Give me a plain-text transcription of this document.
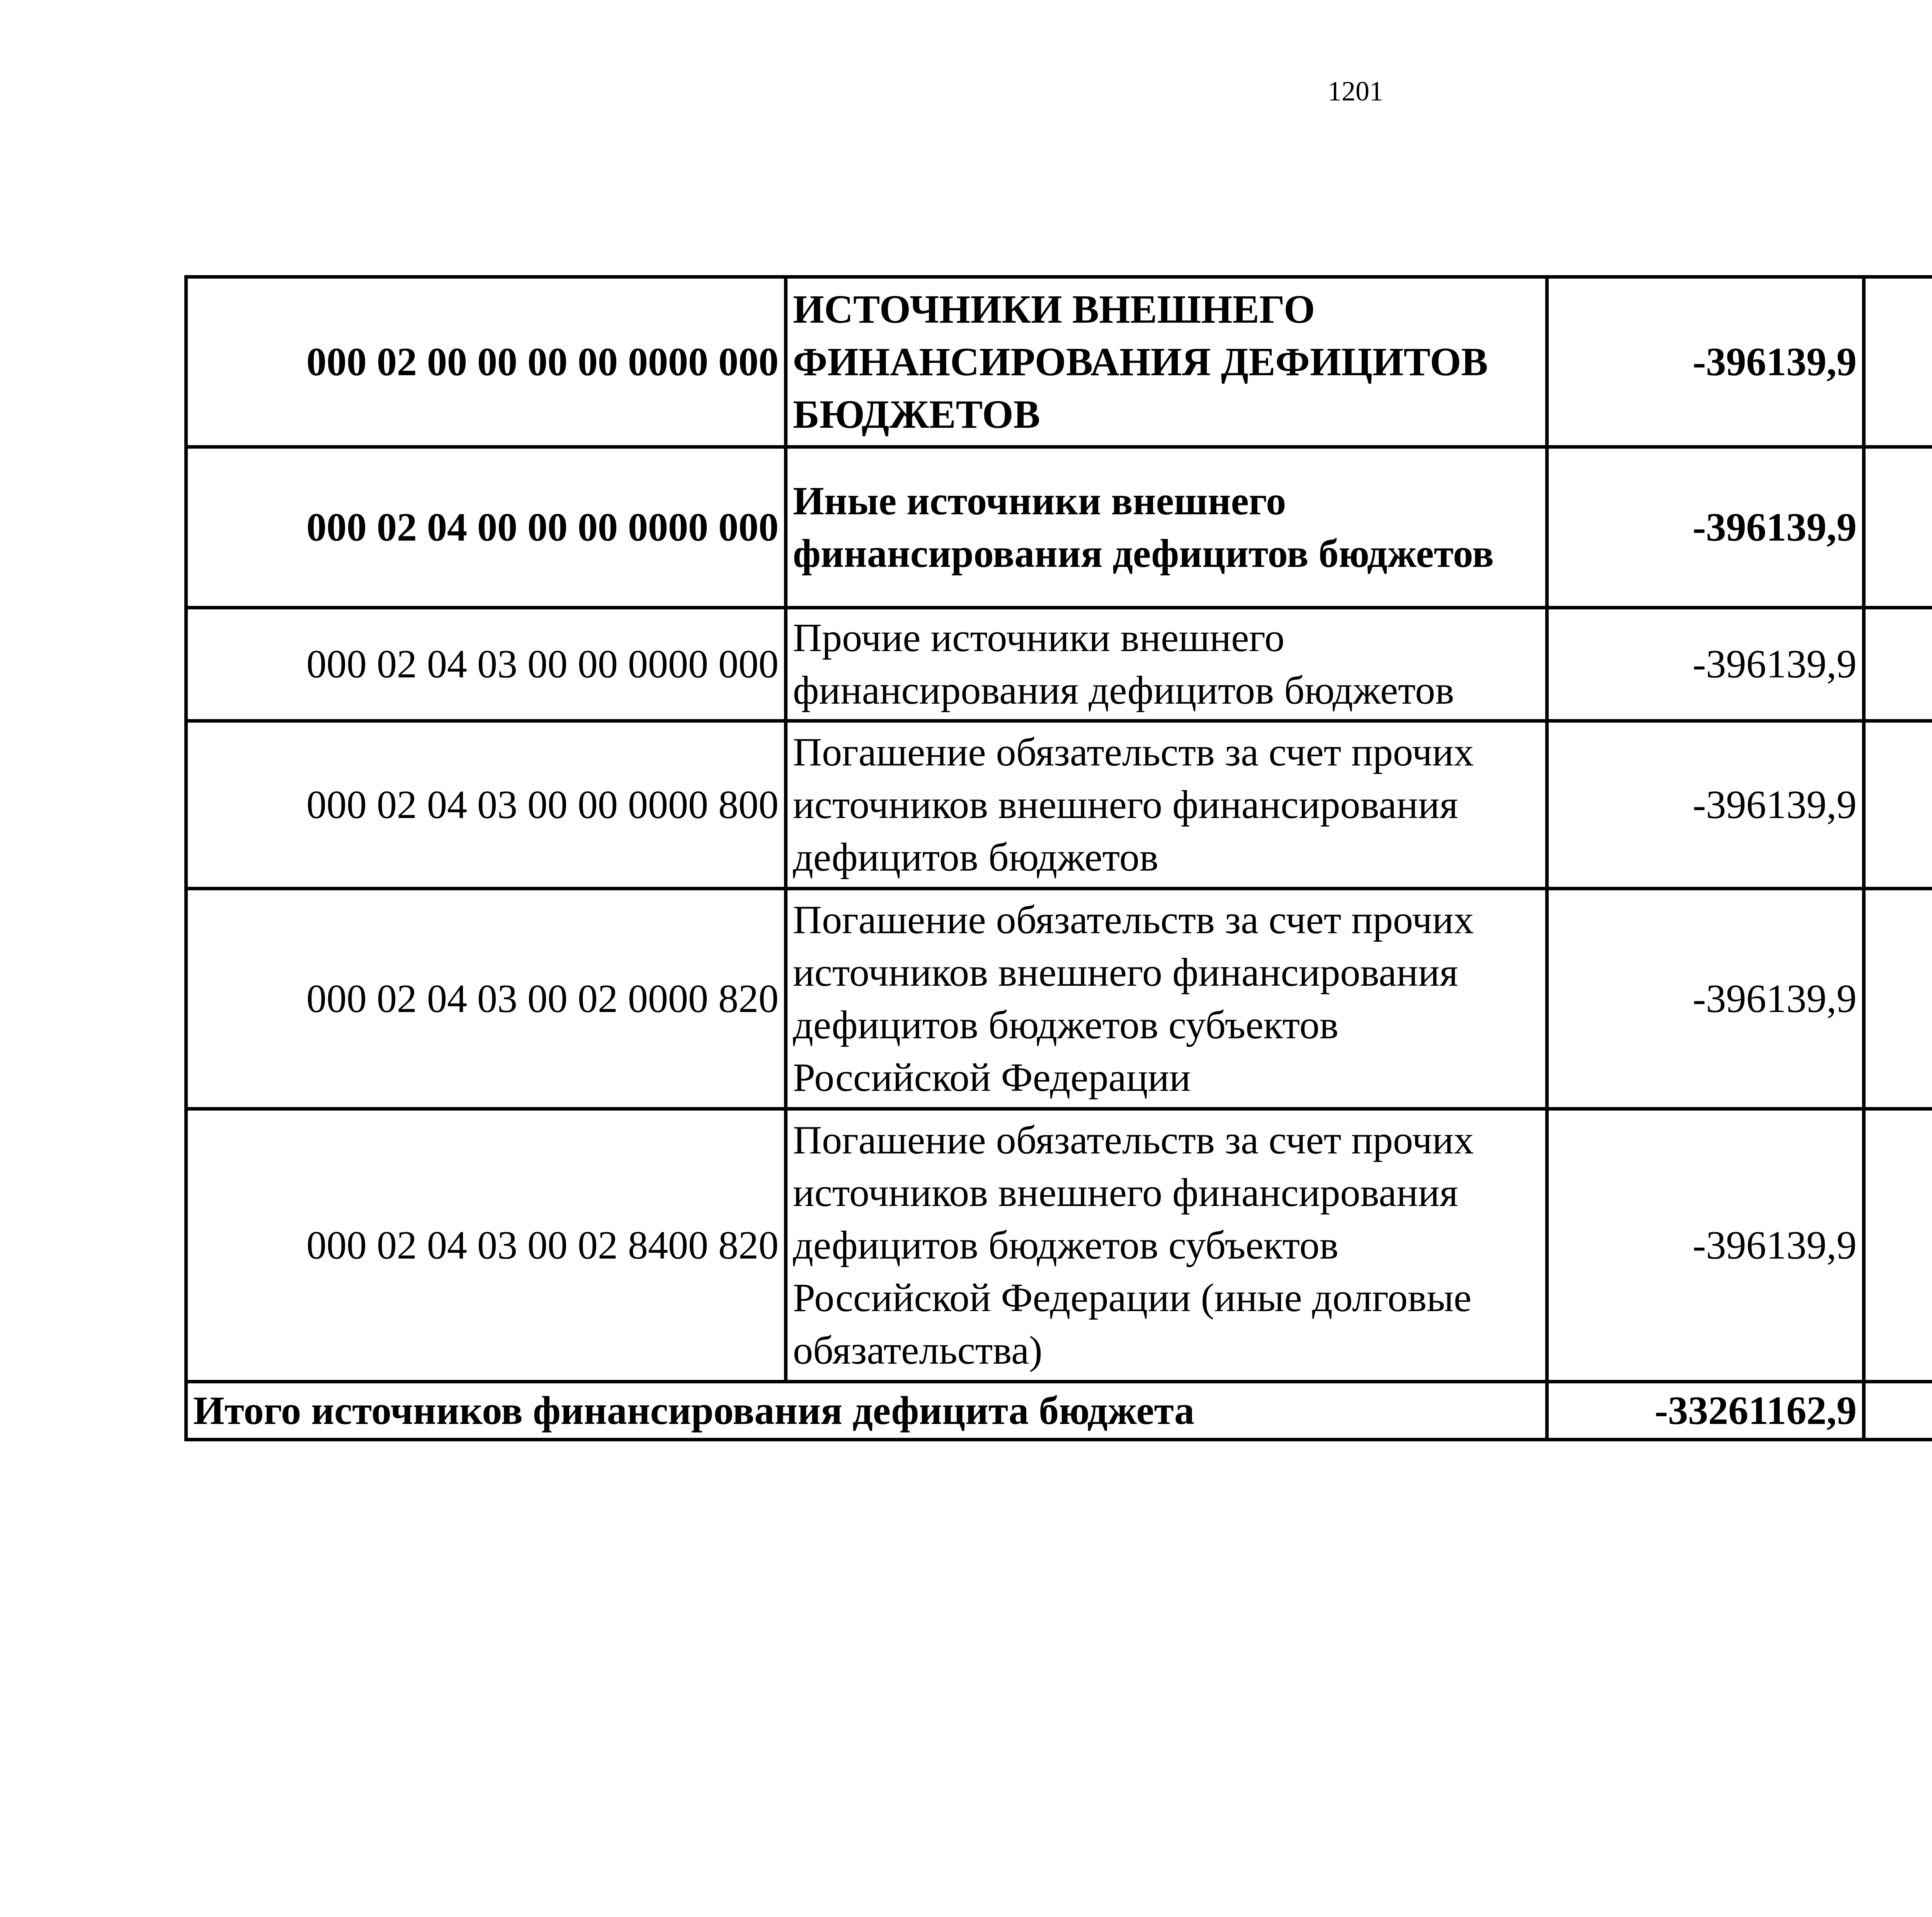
1201
000 02 00 00 00 00 0000 000	ИСТОЧНИКИ ВНЕШНЕГО ФИНАНСИРОВАНИЯ ДЕФИЦИТОВ БЮДЖЕТОВ	-396139,9		
000 02 04 00 00 00 0000 000	Иные источники внешнего финансирования дефицитов бюджетов	-396139,9		
000 02 04 03 00 00 0000 000	Прочие источники внешнего финансирования дефицитов бюджетов	-396139,9		
000 02 04 03 00 00 0000 800	Погашение обязательств за счет прочих источников внешнего финансирования дефицитов бюджетов	-396139,9		
000 02 04 03 00 02 0000 820	Погашение обязательств за счет прочих источников внешнего финансирования дефицитов бюджетов субъектов Российской Федерации	-396139,9		
000 02 04 03 00 02 8400 820	Погашение обязательств за счет прочих источников внешнего финансирования дефицитов бюджетов субъектов Российской Федерации (иные долговые обязательства)	-396139,9		
Итого источников финансирования дефицита бюджета		-33261162,9		
